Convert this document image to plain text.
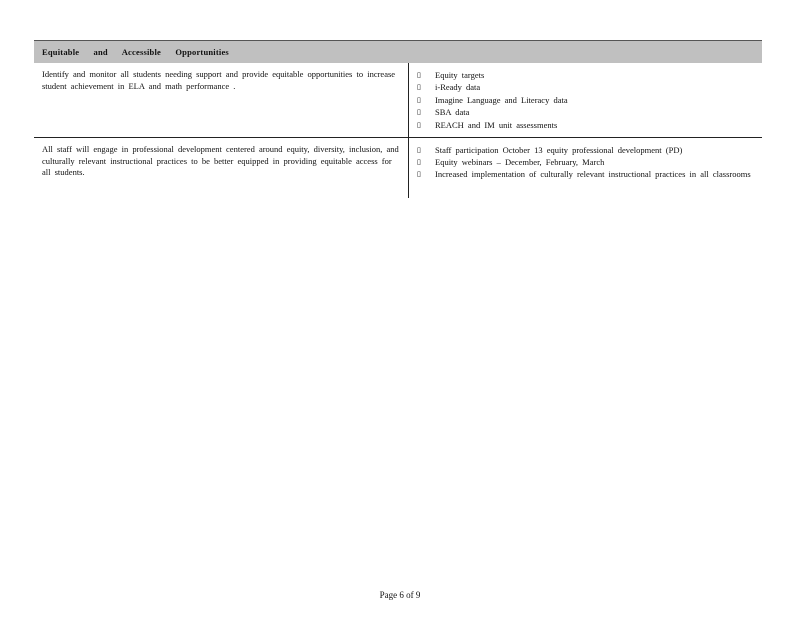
Equitable and Accessible Opportunities
Identify and monitor all students needing support and provide equitable opportunities to increase student achievement in ELA and math performance .
▯	Equity targets
▯	i-Ready data
▯	Imagine Language and Literacy data
▯	SBA data
▯	REACH and IM unit assessments
All staff will engage in professional development centered around equity, diversity, inclusion, and culturally relevant instructional practices to be better equipped in providing equitable access for all students.
▯	Staff participation October 13 equity professional development (PD)
▯	Equity webinars – December, February, March
▯	Increased implementation of culturally relevant instructional practices in all classrooms
Page 6 of 9
